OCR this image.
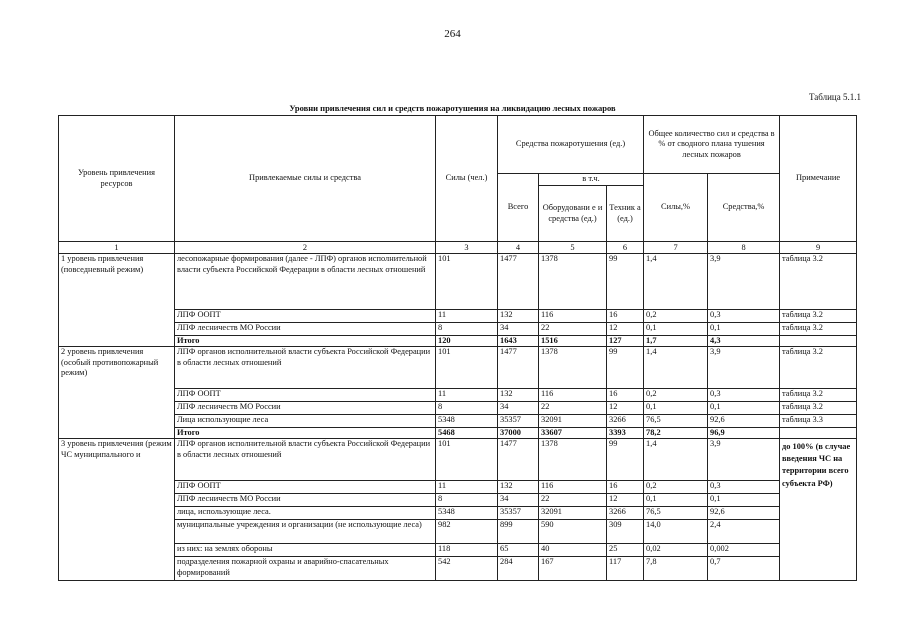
264
Таблица 5.1.1
Уровни привлечения сил и средств пожаротушения на ликвидацию лесных пожаров
Уровень привлечения ресурсов	Привлекаемые силы и средства	Силы (чел.)	Средства пожаротушения (ед.)			Общее количество сил и средства в % от сводного плана тушения лесных пожаров		Примечание
			Всего	в т.ч.		Силы,%	Средства,%	
				Оборудовани е и средства (ед.)	Техник а (ед.)			
1	2	3	4	5	6	7	8	9
1 уровень привлечения (повседневный режим)	лесопожарные формирования (далее - ЛПФ) органов исполнительной власти субъекта Российской Федерации в области лесных отношений	101	1477	1378	99	1,4	3,9	таблица 3.2
	ЛПФ ООПТ	11	132	116	16	0,2	0,3	таблица 3.2
	ЛПФ лесничеств МО России	8	34	22	12	0,1	0,1	таблица 3.2
	Итого	120	1643	1516	127	1,7	4,3	
2 уровень привлечения (особый противопожарный режим)	ЛПФ органов исполнительной власти субъекта Российской Федерации в области лесных отношений	101	1477	1378	99	1,4	3,9	таблица 3.2
	ЛПФ ООПТ	11	132	116	16	0,2	0,3	таблица 3.2
	ЛПФ лесничеств МО России	8	34	22	12	0,1	0,1	таблица 3.2
	Лица использующие леса	5348	35357	32091	3266	76,5	92,6	таблица 3.3
	Итого	5468	37000	33607	3393	78,2	96,9	
3 уровень привлечения (режим ЧС муниципального и	ЛПФ органов исполнительной власти субъекта Российской Федерации в области лесных отношений	101	1477	1378	99	1,4	3,9	до 100% (в случае введения ЧС на территории всего субъекта РФ)
	ЛПФ ООПТ	11	132	116	16	0,2	0,3	
	ЛПФ лесничеств МО России	8	34	22	12	0,1	0,1	
	лица, использующие леса.	5348	35357	32091	3266	76,5	92,6	
	муниципальные учреждения и организации (не использующие леса)	982	899	590	309	14,0	2,4	
	из них: на землях обороны	118	65	40	25	0,02	0,002	
	подразделения пожарной охраны и аварийно-спасательных формирований	542	284	167	117	7,8	0,7	
